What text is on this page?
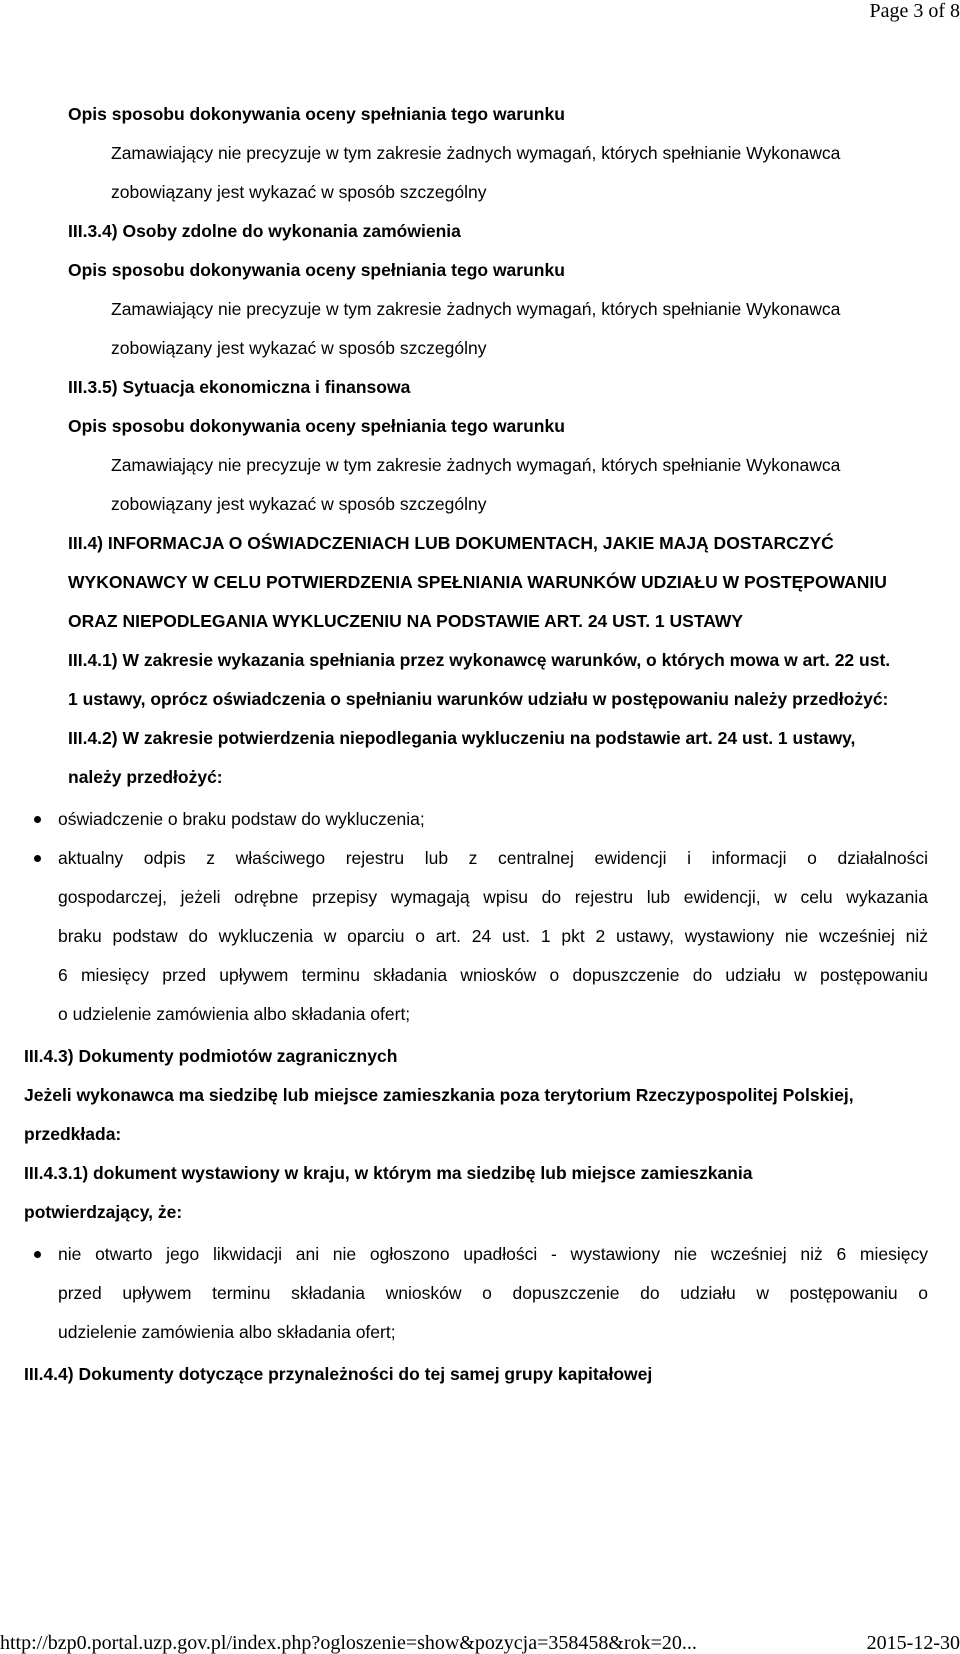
Page 3 of 8
Opis sposobu dokonywania oceny spełniania tego warunku
Zamawiający nie precyzuje w tym zakresie żadnych wymagań, których spełnianie Wykonawca
zobowiązany jest wykazać w sposób szczególny
III.3.4) Osoby zdolne do wykonania zamówienia
Opis sposobu dokonywania oceny spełniania tego warunku
Zamawiający nie precyzuje w tym zakresie żadnych wymagań, których spełnianie Wykonawca
zobowiązany jest wykazać w sposób szczególny
III.3.5) Sytuacja ekonomiczna i finansowa
Opis sposobu dokonywania oceny spełniania tego warunku
Zamawiający nie precyzuje w tym zakresie żadnych wymagań, których spełnianie Wykonawca
zobowiązany jest wykazać w sposób szczególny
III.4) INFORMACJA O OŚWIADCZENIACH LUB DOKUMENTACH, JAKIE MAJĄ DOSTARCZYĆ
WYKONAWCY W CELU POTWIERDZENIA SPEŁNIANIA WARUNKÓW UDZIAŁU W POSTĘPOWANIU
ORAZ NIEPODLEGANIA WYKLUCZENIU NA PODSTAWIE ART. 24 UST. 1 USTAWY
III.4.1) W zakresie wykazania spełniania przez wykonawcę warunków, o których mowa w art. 22 ust.
1 ustawy, oprócz oświadczenia o spełnianiu warunków udziału w postępowaniu należy przedłożyć:
III.4.2) W zakresie potwierdzenia niepodlegania wykluczeniu na podstawie art. 24 ust. 1 ustawy,
należy przedłożyć:
oświadczenie o braku podstaw do wykluczenia;
aktualny odpis z właściwego rejestru lub z centralnej ewidencji i informacji o działalności
gospodarczej, jeżeli odrębne przepisy wymagają wpisu do rejestru lub ewidencji, w celu wykazania
braku podstaw do wykluczenia w oparciu o art. 24 ust. 1 pkt 2 ustawy, wystawiony nie wcześniej niż
6 miesięcy przed upływem terminu składania wniosków o dopuszczenie do udziału w postępowaniu
o udzielenie zamówienia albo składania ofert;
III.4.3) Dokumenty podmiotów zagranicznych
Jeżeli wykonawca ma siedzibę lub miejsce zamieszkania poza terytorium Rzeczypospolitej Polskiej,
przedkłada:
III.4.3.1) dokument wystawiony w kraju, w którym ma siedzibę lub miejsce zamieszkania
potwierdzający, że:
nie otwarto jego likwidacji ani nie ogłoszono upadłości - wystawiony nie wcześniej niż 6 miesięcy
przed upływem terminu składania wniosków o dopuszczenie do udziału w postępowaniu o
udzielenie zamówienia albo składania ofert;
III.4.4) Dokumenty dotyczące przynależności do tej samej grupy kapitałowej
http://bzp0.portal.uzp.gov.pl/index.php?ogloszenie=show&pozycja=358458&rok=20...	2015-12-30
